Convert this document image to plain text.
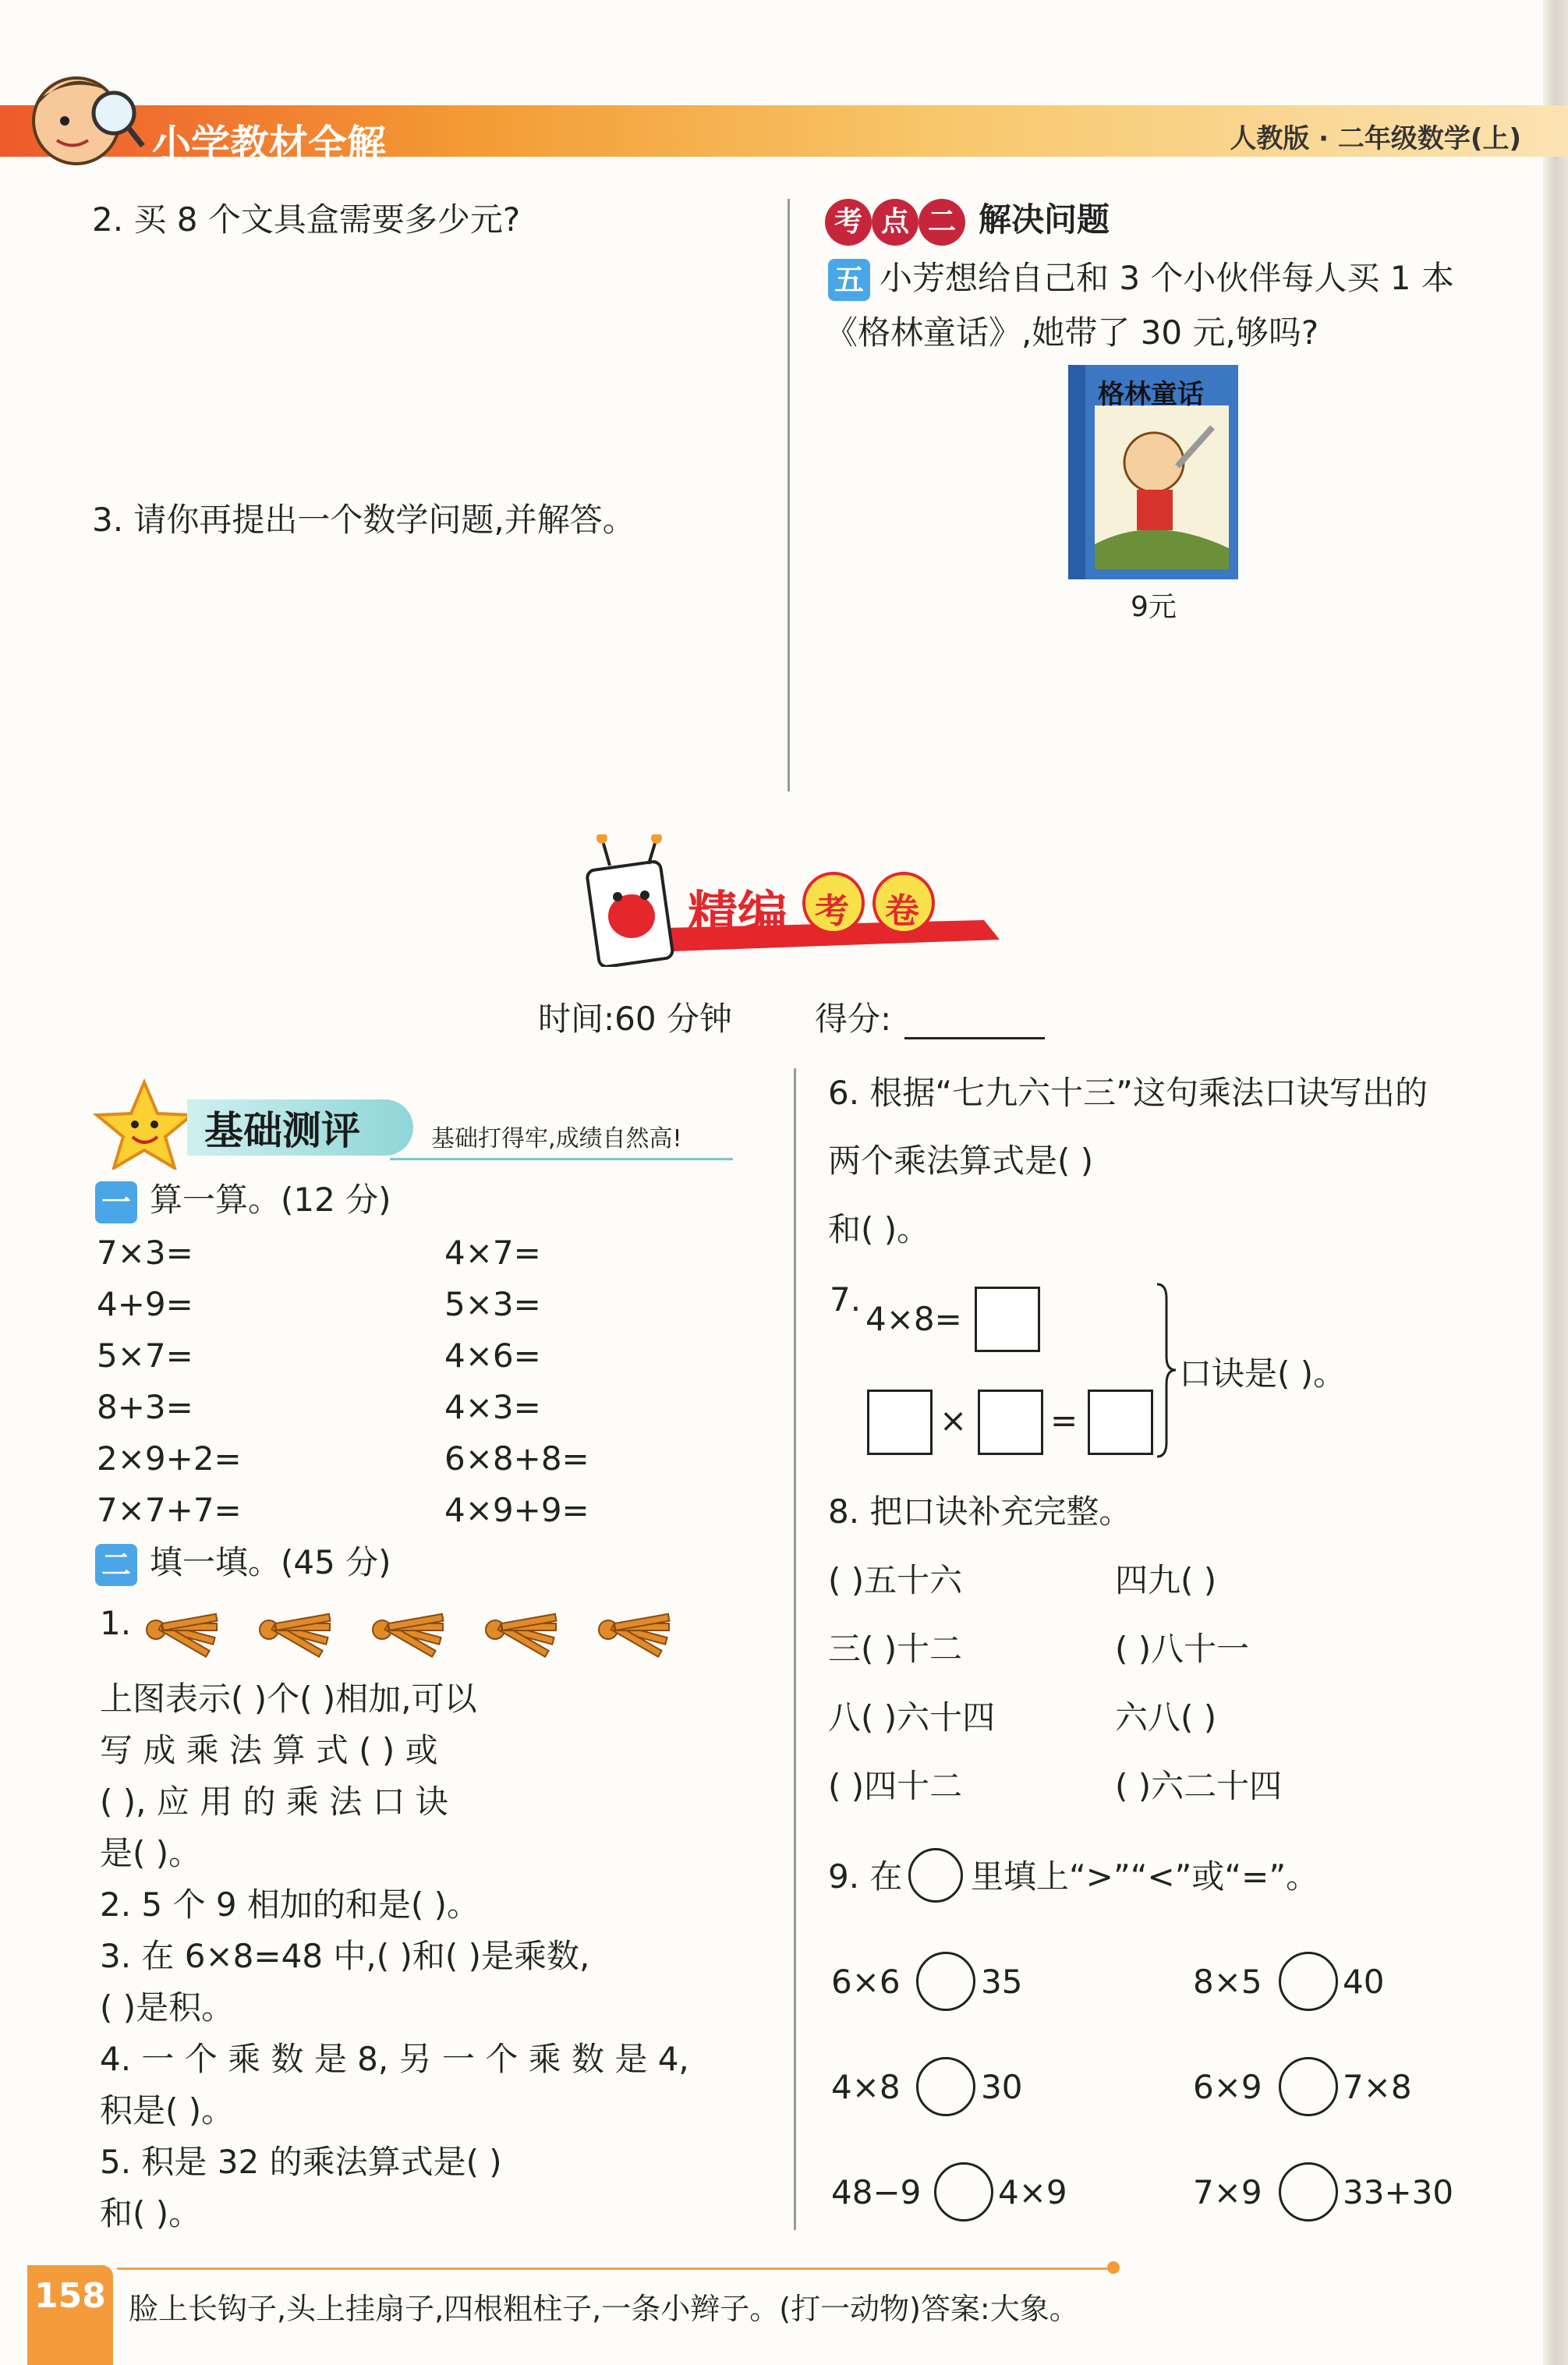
小学教材全解	人教版 · 二年级数学(上)
2. 买 8 个文具盒需要多少元?
3. 请你再提出一个数学问题,并解答。
考 点 二 解决问题
五 小芳想给自己和 3 个小伙伴每人买 1 本
《格林童话》,她带了 30 元,够吗?
格林童话
9元
精编 考 卷
时间:60 分钟	得分:
基础测评	基础打得牢,成绩自然高!
一 算一算。(12 分)
7×3=	4×7=
4+9=	5×3=
5×7=	4×6=
8+3=	4×3=
2×9+2=	6×8+8=
7×7+7=	4×9+9=
二 填一填。(45 分)
1.
上图表示( )个( )相加,可以
写 成 乘 法 算 式 ( ) 或
( ), 应 用 的 乘 法 口 诀
是( )。
2. 5 个 9 相加的和是( )。
3. 在 6×8=48 中,( )和( )是乘数,
( )是积。
4. 一 个 乘 数 是 8, 另 一 个 乘 数 是 4,
积是( )。
5. 积是 32 的乘法算式是( )
和( )。
6. 根据“七九六十三”这句乘法口诀写出的
两个乘法算式是( )
和( )。
7.
4×8=
×	=
口诀是( )。
8. 把口诀补充完整。
( )五十六	四九( )
三( )十二	( )八十一
八( )六十四	六八( )
( )四十二	( )六二十四
9. 在 里填上“>”“<”或“=”。
6×6 35	8×5 40
4×8 30	6×9 7×8
48−9 4×9	7×9 33+30
158 脸上长钩子,头上挂扇子,四根粗柱子,一条小辫子。(打一动物)答案:大象。
